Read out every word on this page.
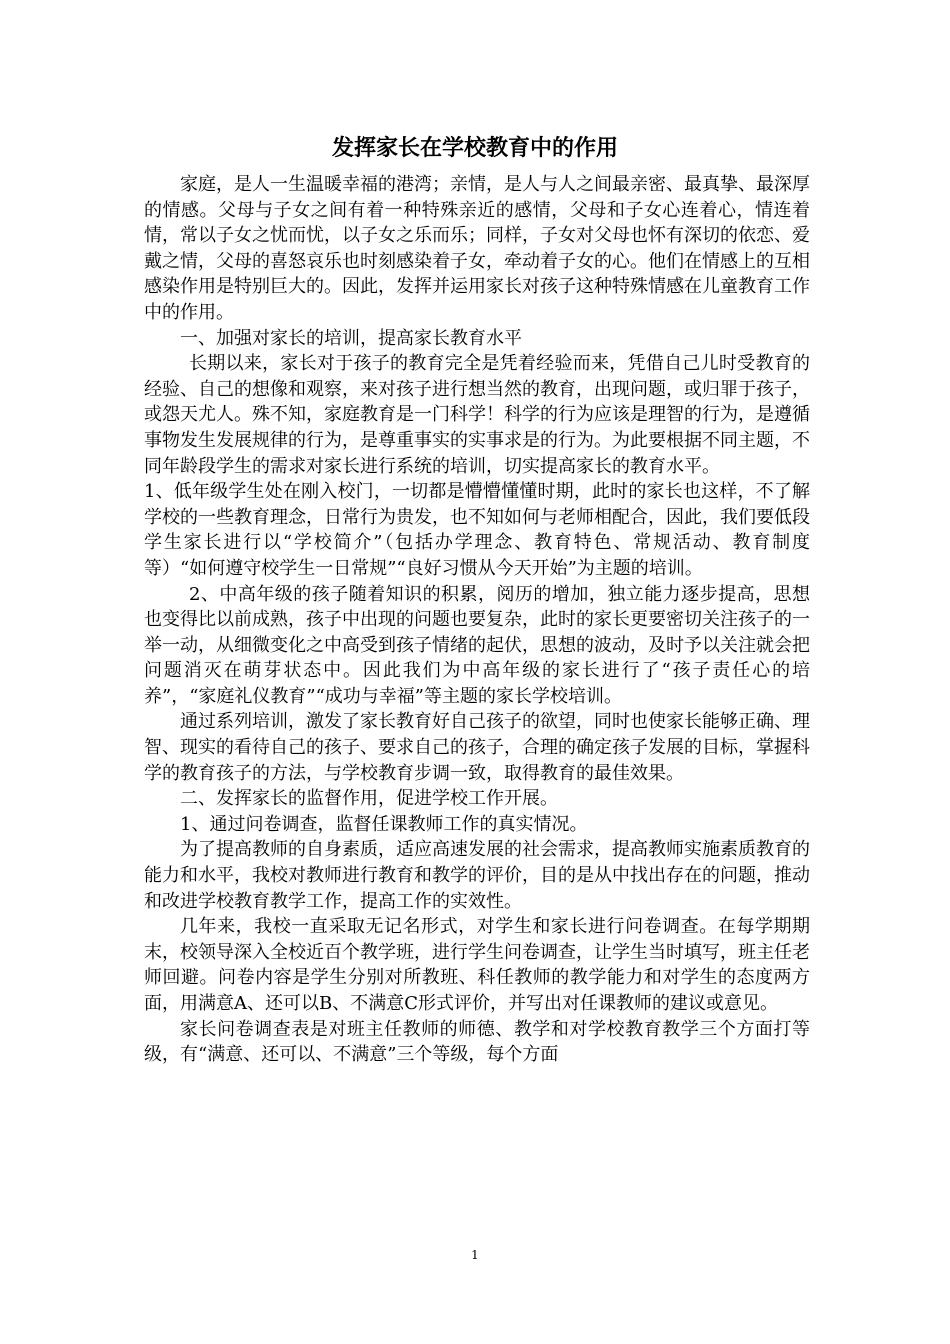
发挥家长在学校教育中的作用

家庭，是人一生温暖幸福的港湾；亲情，是人与人之间最亲密、最真挚、最深厚的情感。父母与子女之间有着一种特殊亲近的感情，父母和子女心连着心，情连着情，常以子女之忧而忧，以子女之乐而乐；同样，子女对父母也怀有深切的依恋、爱戴之情，父母的喜怒哀乐也时刻感染着子女，牵动着子女的心。他们在情感上的互相感染作用是特别巨大的。因此，发挥并运用家长对孩子这种特殊情感在儿童教育工作中的作用。

一、加强对家长的培训，提高家长教育水平

长期以来，家长对于孩子的教育完全是凭着经验而来，凭借自己儿时受教育的经验、自己的想像和观察，来对孩子进行想当然的教育，出现问题，或归罪于孩子，或怨天尤人。殊不知，家庭教育是一门科学！科学的行为应该是理智的行为，是遵循事物发生发展规律的行为，是尊重事实的实事求是的行为。为此要根据不同主题，不同年龄段学生的需求对家长进行系统的培训，切实提高家长的教育水平。

1、低年级学生处在刚入校门，一切都是懵懵懂懂时期，此时的家长也这样，不了解学校的一些教育理念，日常行为贵发，也不知如何与老师相配合，因此，我们要低段学生家长进行以“学校简介”（包括办学理念、教育特色、常规活动、教育制度等）“如何遵守校学生一日常规”“良好习惯从今天开始”为主题的培训。

2、中高年级的孩子随着知识的积累，阅历的增加，独立能力逐步提高，思想也变得比以前成熟，孩子中出现的问题也要复杂，此时的家长更要密切关注孩子的一举一动，从细微变化之中高受到孩子情绪的起伏，思想的波动，及时予以关注就会把问题消灭在萌芽状态中。因此我们为中高年级的家长进行了“孩子责任心的培养”，“家庭礼仪教育”“成功与幸福”等主题的家长学校培训。

通过系列培训，激发了家长教育好自己孩子的欲望，同时也使家长能够正确、理智、现实的看待自己的孩子、要求自己的孩子，合理的确定孩子发展的目标，掌握科学的教育孩子的方法，与学校教育步调一致，取得教育的最佳效果。

二、发挥家长的监督作用，促进学校工作开展。

1、通过问卷调查，监督任课教师工作的真实情况。

为了提高教师的自身素质，适应高速发展的社会需求，提高教师实施素质教育的能力和水平，我校对教师进行教育和教学的评价，目的是从中找出存在的问题，推动和改进学校教育教学工作，提高工作的实效性。

几年来，我校一直采取无记名形式，对学生和家长进行问卷调查。在每学期期末，校领导深入全校近百个教学班，进行学生问卷调查，让学生当时填写，班主任老师回避。问卷内容是学生分别对所教班、科任教师的教学能力和对学生的态度两方面，用满意A、还可以B、不满意C形式评价，并写出对任课教师的建议或意见。

家长问卷调查表是对班主任教师的师德、教学和对学校教育教学三个方面打等级，有“满意、还可以、不满意”三个等级，每个方面

1
